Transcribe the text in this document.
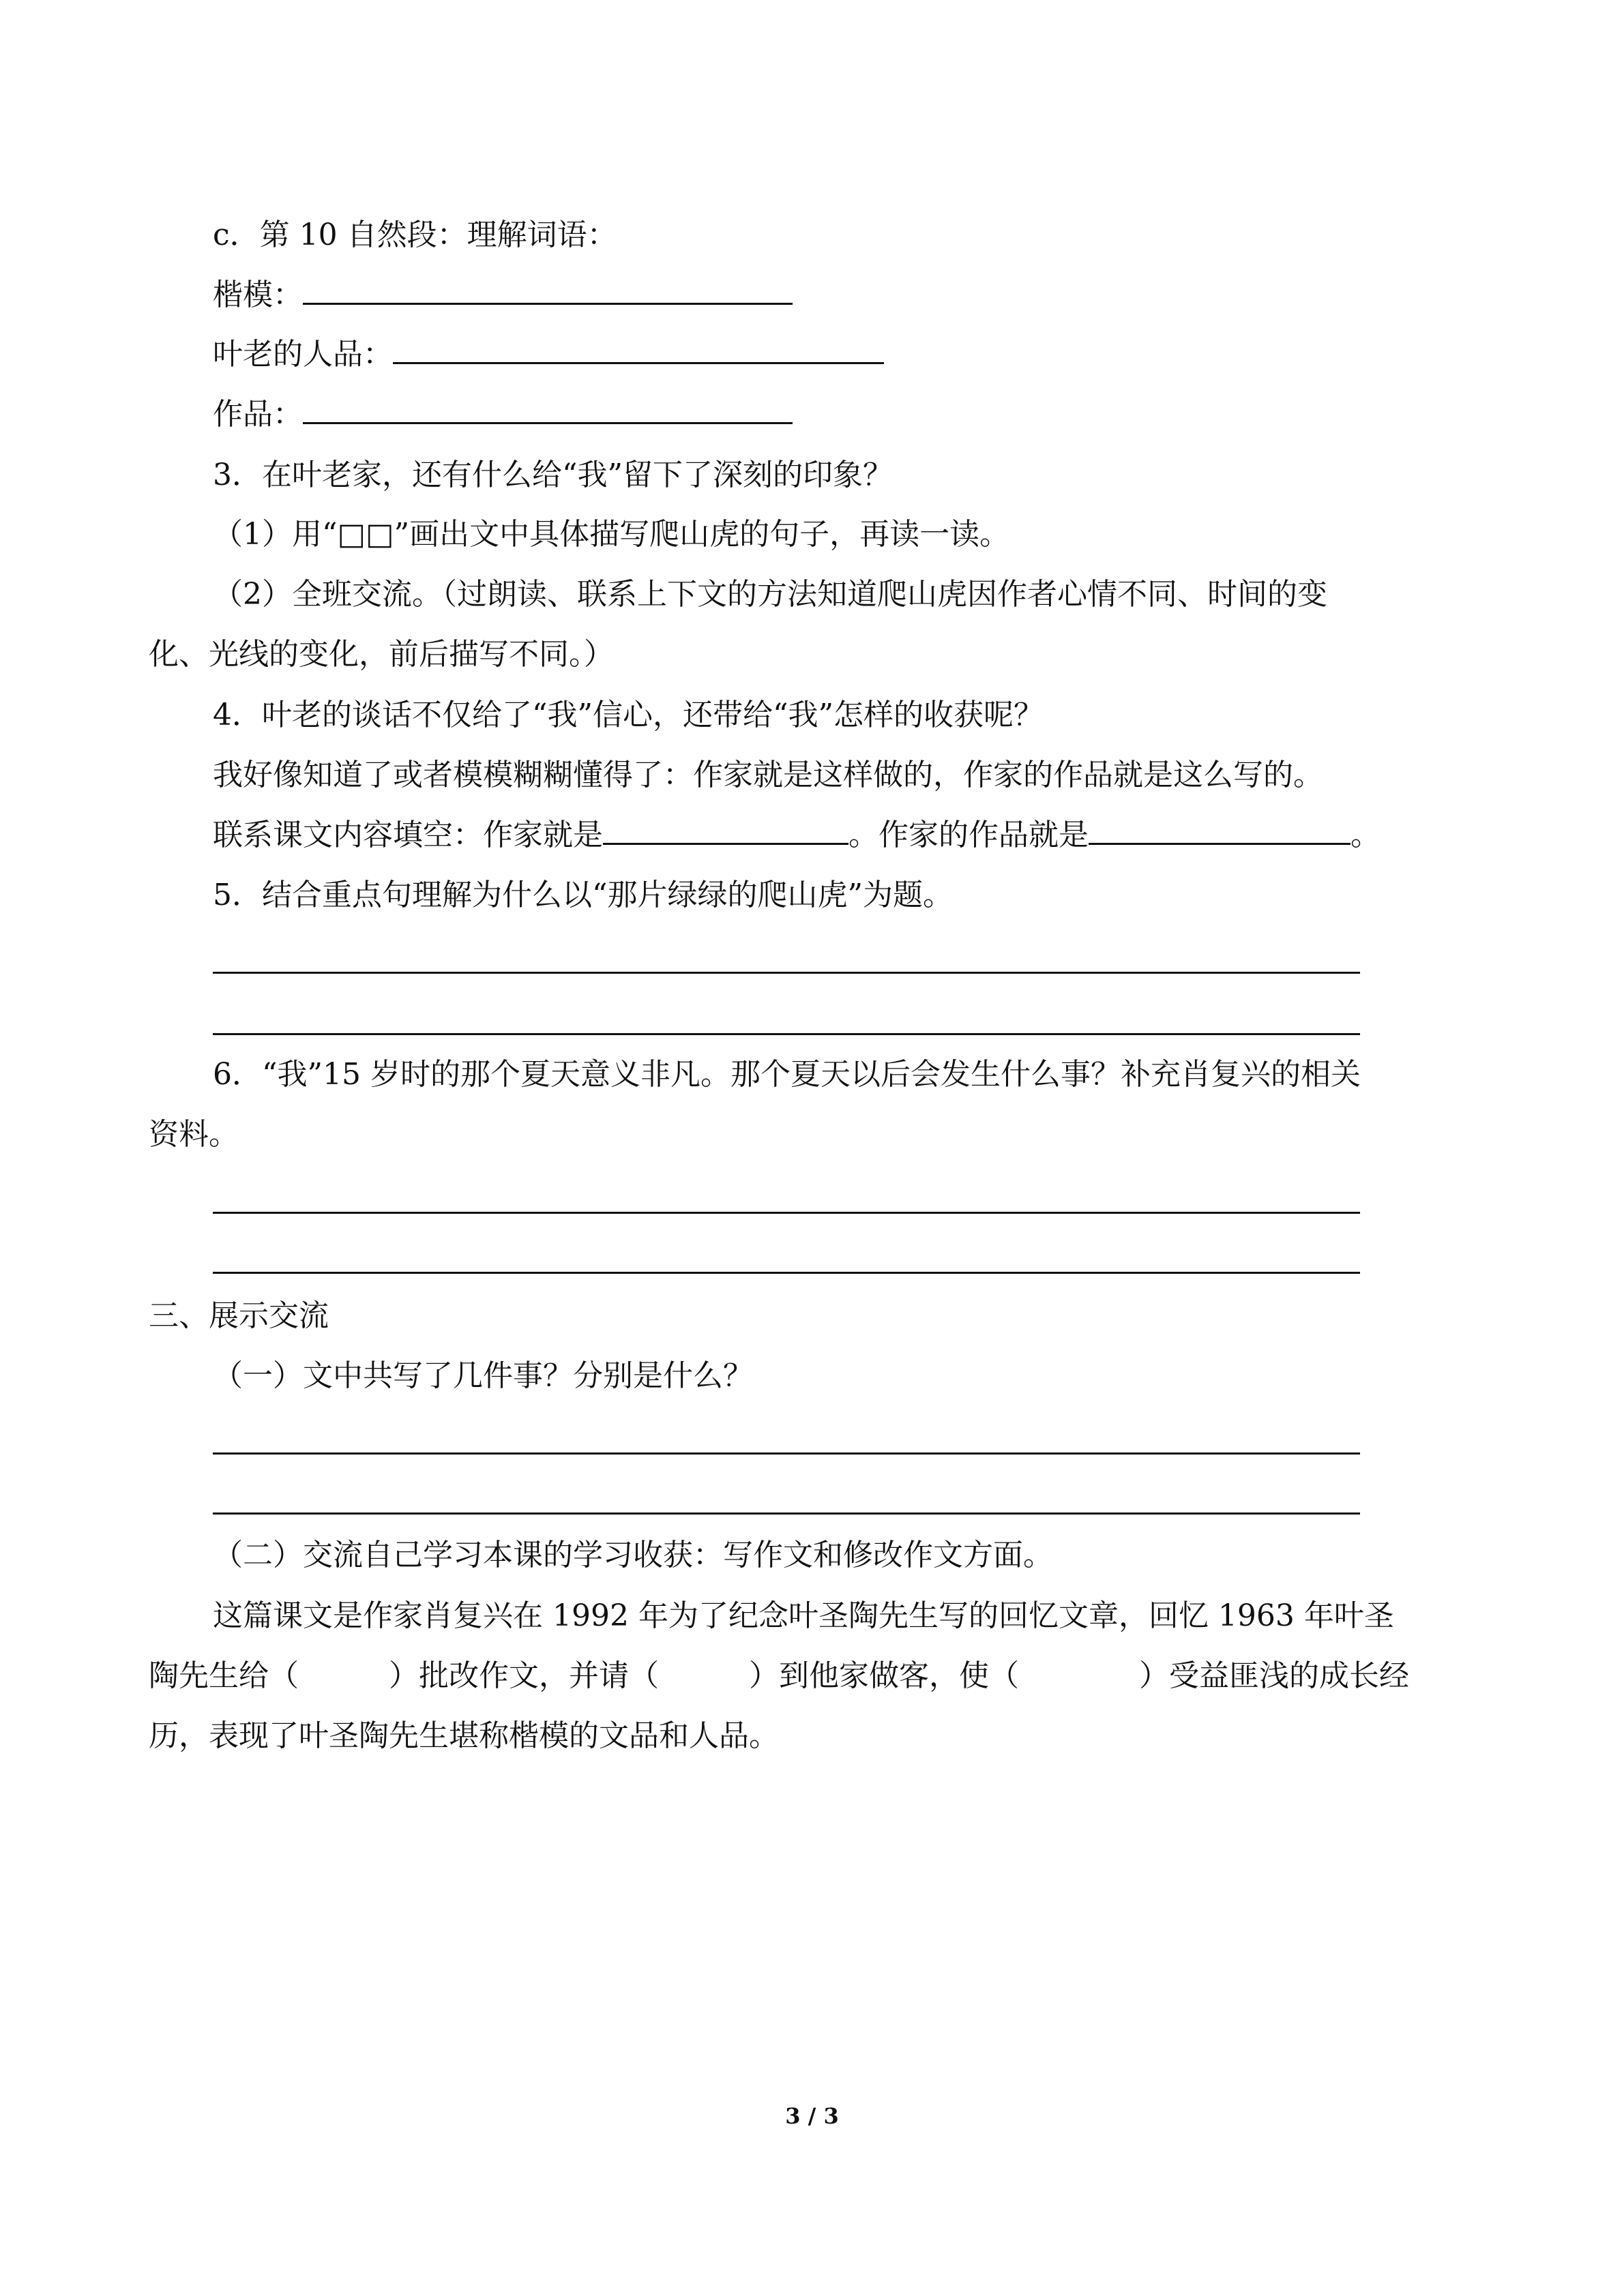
c．第 10 自然段：理解词语：
楷模：
叶老的人品：
作品：
3．在叶老家，还有什么给“我”留下了深刻的印象？
（1）用“□□”画出文中具体描写爬山虎的句子，再读一读。
（2）全班交流。（过朗读、联系上下文的方法知道爬山虎因作者心情不同、时间的变
化、光线的变化，前后描写不同。）
4．叶老的谈话不仅给了“我”信心，还带给“我”怎样的收获呢？
我好像知道了或者模模糊糊懂得了：作家就是这样做的，作家的作品就是这么写的。
联系课文内容填空：作家就是	。作家的作品就是	。
5．结合重点句理解为什么以“那片绿绿的爬山虎”为题。
6．“我”15 岁时的那个夏天意义非凡。那个夏天以后会发生什么事？补充肖复兴的相关
资料。
三、展示交流
（一）文中共写了几件事？分别是什么？
（二）交流自己学习本课的学习收获：写作文和修改作文方面。
这篇课文是作家肖复兴在 1992 年为了纪念叶圣陶先生写的回忆文章，回忆 1963 年叶圣
陶先生给（　　　）批改作文，并请（　　　）到他家做客，使（　　　　）受益匪浅的成长经
历，表现了叶圣陶先生堪称楷模的文品和人品。
3 / 3
